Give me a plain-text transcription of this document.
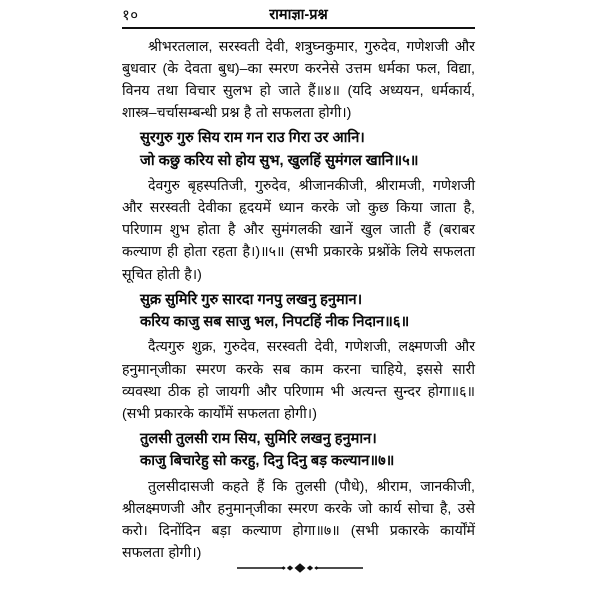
१०	रामाज्ञा-प्रश्न

श्रीभरतलाल, सरस्वती देवी, शत्रुघ्नकुमार, गुरुदेव, गणेशजी और बुधवार (के देवता बुध)–का स्मरण करनेसे उत्तम धर्मका फल, विद्या, विनय तथा विचार सुलभ हो जाते हैं॥४॥ (यदि अध्ययन, धर्मकार्य, शास्त्र–चर्चासम्बन्धी प्रश्न है तो सफलता होगी।)

सुरगुरु गुरु सिय राम गन राउ गिरा उर आनि।

जो कछु करिय सो होय सुभ, खुलहिं सुमंगल खानि॥५॥

देवगुरु बृहस्पतिजी, गुरुदेव, श्रीजानकीजी, श्रीरामजी, गणेशजी और सरस्वती देवीका हृदयमें ध्यान करके जो कुछ किया जाता है, परिणाम शुभ होता है और सुमंगलकी खानें खुल जाती हैं (बराबर कल्याण ही होता रहता है।)॥५॥ (सभी प्रकारके प्रश्नोंके लिये सफलता सूचित होती है।)

सुक्र सुमिरि गुरु सारदा गनपु लखनु हनुमान।

करिय काजु सब साजु भल, निपटहिं नीक निदान॥६॥

दैत्यगुरु शुक्र, गुरुदेव, सरस्वती देवी, गणेशजी, लक्ष्मणजी और हनुमान्‌जीका स्मरण करके सब काम करना चाहिये, इससे सारी व्यवस्था ठीक हो जायगी और परिणाम भी अत्यन्त सुन्दर होगा॥६॥ (सभी प्रकारके कार्योंमें सफलता होगी।)

तुलसी तुलसी राम सिय, सुमिरि लखनु हनुमान।

काजु बिचारेहु सो करहु, दिनु दिनु बड़ कल्यान॥७॥

तुलसीदासजी कहते हैं कि तुलसी (पौधे), श्रीराम, जानकीजी, श्रीलक्ष्मणजी और हनुमान्‌जीका स्मरण करके जो कार्य सोचा है, उसे करो। दिनोंदिन बड़ा कल्याण होगा॥७॥ (सभी प्रकारके कार्योंमें सफलता होगी।)
